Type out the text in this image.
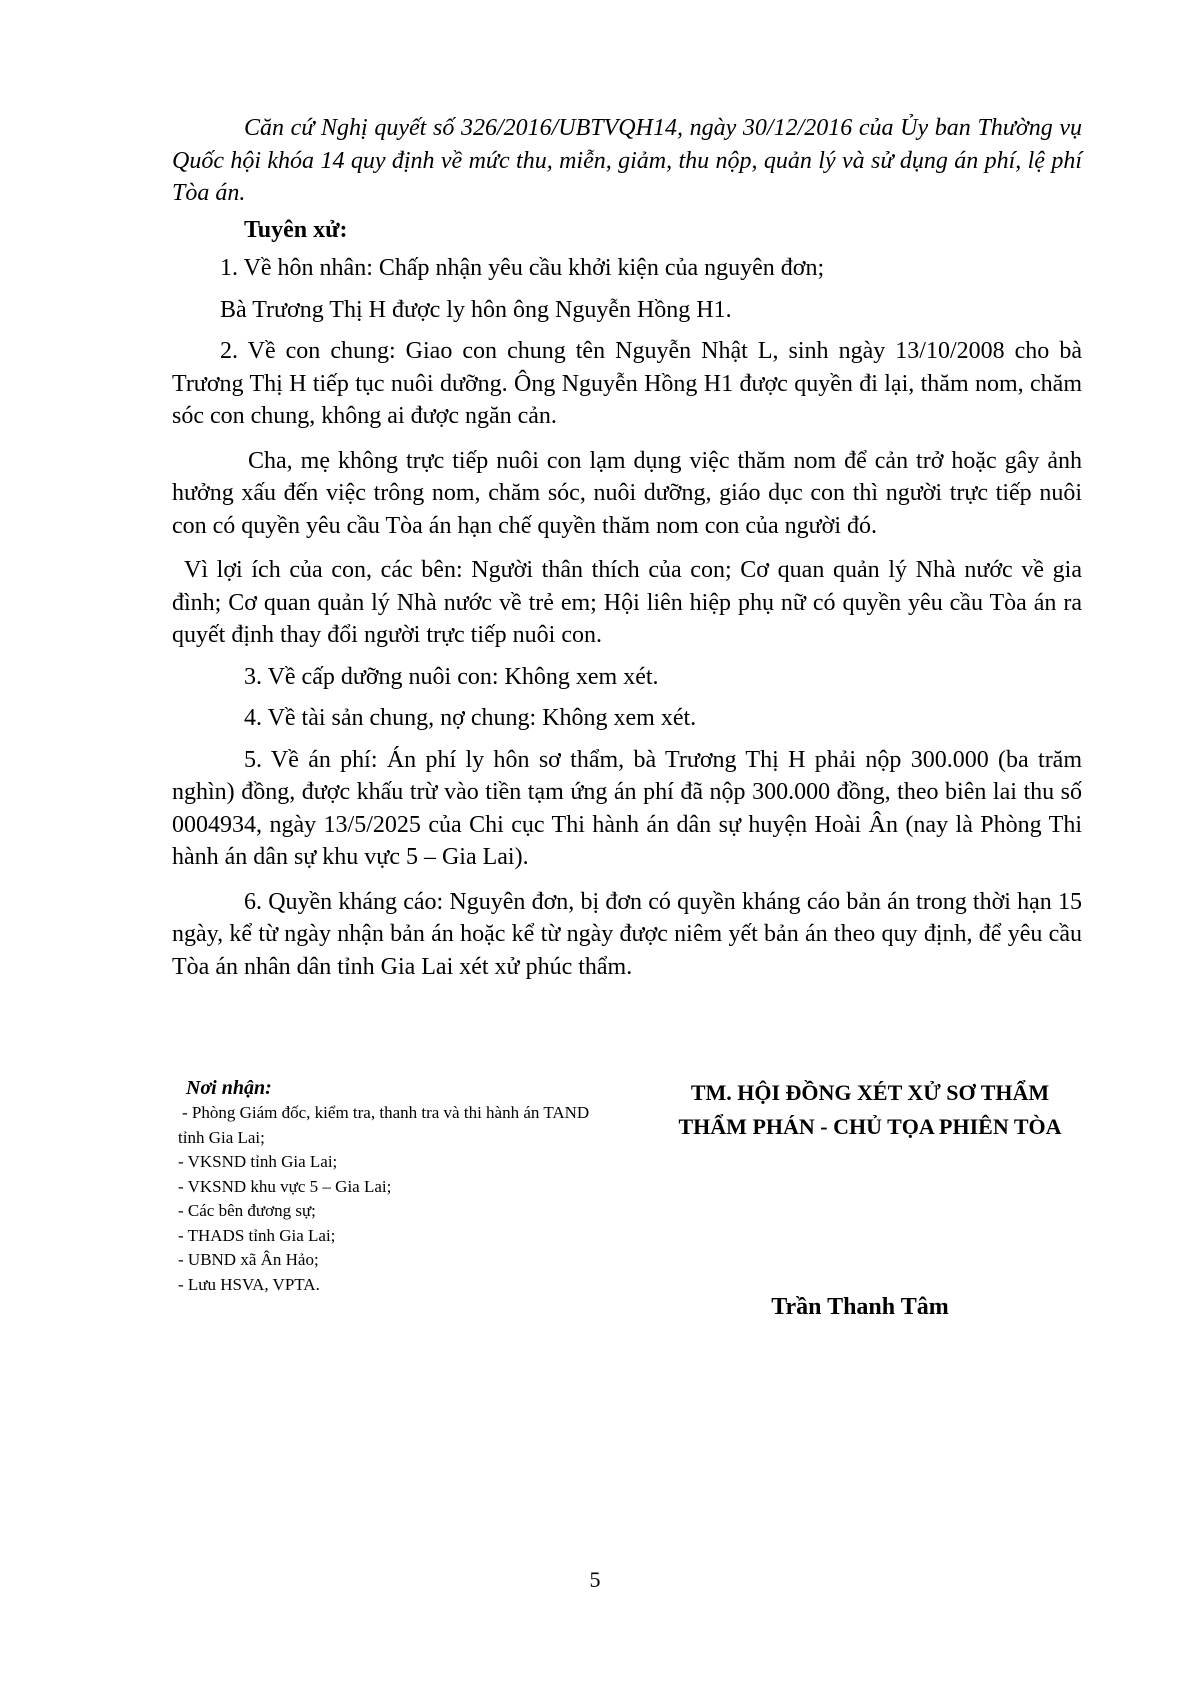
Căn cứ Nghị quyết số 326/2016/UBTVQH14, ngày 30/12/2016 của Ủy ban Thường vụ Quốc hội khóa 14 quy định về mức thu, miễn, giảm, thu nộp, quản lý và sử dụng án phí, lệ phí Tòa án.

Tuyên xử:

1. Về hôn nhân: Chấp nhận yêu cầu khởi kiện của nguyên đơn;

Bà Trương Thị H được ly hôn ông Nguyễn Hồng H1.

2. Về con chung: Giao con chung tên Nguyễn Nhật L, sinh ngày 13/10/2008 cho bà Trương Thị H tiếp tục nuôi dưỡng. Ông Nguyễn Hồng H1 được quyền đi lại, thăm nom, chăm sóc con chung, không ai được ngăn cản.

Cha, mẹ không trực tiếp nuôi con lạm dụng việc thăm nom để cản trở hoặc gây ảnh hưởng xấu đến việc trông nom, chăm sóc, nuôi dưỡng, giáo dục con thì người trực tiếp nuôi con có quyền yêu cầu Tòa án hạn chế quyền thăm nom con của người đó.

Vì lợi ích của con, các bên: Người thân thích của con; Cơ quan quản lý Nhà nước về gia đình; Cơ quan quản lý Nhà nước về trẻ em; Hội liên hiệp phụ nữ có quyền yêu cầu Tòa án ra quyết định thay đổi người trực tiếp nuôi con.

3. Về cấp dưỡng nuôi con: Không xem xét.

4. Về tài sản chung, nợ chung: Không xem xét.

5. Về án phí: Án phí ly hôn sơ thẩm, bà Trương Thị H phải nộp 300.000 (ba trăm nghìn) đồng, được khấu trừ vào tiền tạm ứng án phí đã nộp 300.000 đồng, theo biên lai thu số 0004934, ngày 13/5/2025 của Chi cục Thi hành án dân sự huyện Hoài Ân (nay là Phòng Thi hành án dân sự khu vực 5 – Gia Lai).

6. Quyền kháng cáo: Nguyên đơn, bị đơn có quyền kháng cáo bản án trong thời hạn 15 ngày, kể từ ngày nhận bản án hoặc kể từ ngày được niêm yết bản án theo quy định, để yêu cầu Tòa án nhân dân tỉnh Gia Lai xét xử phúc thẩm.

Nơi nhận:

- Phòng Giám đốc, kiểm tra, thanh tra và thi hành án TAND tỉnh Gia Lai;

- VKSND tỉnh Gia Lai;

- VKSND khu vực 5 – Gia Lai;

- Các bên đương sự;

- THADS tỉnh Gia Lai;

- UBND xã Ân Hảo;

- Lưu HSVA, VPTA.

TM. HỘI ĐỒNG XÉT XỬ SƠ THẨM
THẨM PHÁN - CHỦ TỌA PHIÊN TÒA
Trần Thanh Tâm
5
